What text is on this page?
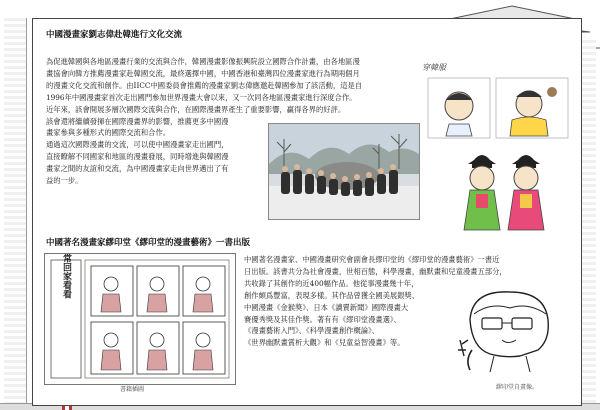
中國漫畫家劉志偉赴韓進行文化交流
為促進韓國與各地區漫畫行業的交流與合作，韓國漫畫影像振興院設立國際合作計畫，由各地區漫
畫協會向韓方推薦漫畫家赴韓國交流，最終選擇中國，中國香港和臺灣四位漫畫家進行為期兩個月
的漫畫文化交流和創作。由IICC中國委員會推薦的漫畫家劉志偉應邀赴韓國參加了該活動，這是自
1996年中國漫畫家首次走出國門參加世界漫畫大會以來，又一次同各地區漫畫家進行深度合作。
近年來，該會開展多層次國際交流與合作，在國際漫畫界產生了重要影響，贏得各界的好評。
該會還將繼續發揮在國際漫畫界的影響，推薦更多中國漫
畫家參與多種形式的國際交流和合作。
通過這次國際漫畫的交流，可以使中國漫畫家走出國門，
直接瞭解不同國家和地區的漫畫發展，同時增進與韓國漫
畫家之間的友誼和交流，為中國漫畫家走向世界邁出了有
益的一步。
穿韓服
中國著名漫畫家繆印堂《繆印堂的漫畫藝術》一書出版
常回家看看
書籍插圖
中國著名漫畫家、中國漫畫研究會副會長繆印堂的《繆印堂的漫畫藝術》一書近
日出版。該書共分為社會漫畫，世相百態，科學漫畫，幽默畫和兒童漫畫五部分，
共收錄了其創作的近400幅作品。他從事漫畫幾十年，
創作頗爲豐富，表現多樣。其作品曾獲全國美展銀獎、
中國漫畫《金猴獎》、日本《讀賣新聞》國際漫畫大
賽優秀獎及其佳作獎。著有有《繆印堂漫畫選》、
《漫畫藝術入門》、《科學漫畫創作概論》、
《世界幽默畫賞析大觀》和《兒童益智漫畫》等。
繆印堂自畫像。
